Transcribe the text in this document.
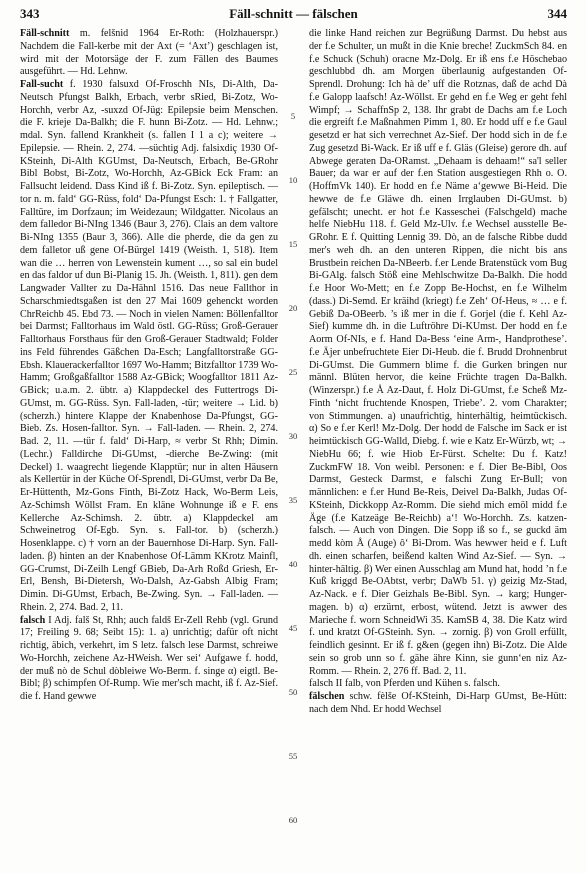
343	Fäll-schnitt — fälschen	344

Fäll-schnitt m. felšnid 1964 Er-Roth: (Holzhauerspr.) Nachdem die Fall-kerbe mit der Axt (= ‘Axt’) geschlagen ist, wird mit der Motorsäge der F. zum Fällen des Baumes ausgeführt. — Hd. Lehnw.

Fall-sucht f. 1930 falsuxd Of-Froschh NIs, Di-Alth, Da-Neutsch Pfungst Balkh, Erbach, verbr sRied, Bi-Zotz, Wo-Horchh, verbr Az, -suxzd Of-Jüg: Epilepsie beim Menschen. die F. krieje Da-Balkh; die F. hunn Bi-Zotz. — Hd. Lehnw.; mdal. Syn. fallend Krankheit (s. fallen I 1 a c); weitere → Epilepsie. — Rhein. 2, 274. —süchtig Adj. falsixdiç 1930 Of-KSteinh, Di-Alth KGUmst, Da-Neutsch, Erbach, Be-GRohr Bibl Bobst, Bi-Zotz, Wo-Horchh, Az-GBick Eck Fram: an Fallsucht leidend. Dass Kind iß f. Bi-Zotz. Syn. epileptisch. —tor n. m. fald‘ GG-Rüss, fold‘ Da-Pfungst Esch: 1. † Fallgatter, Falltüre, im Dorfzaun; im Weidezaun; Wildgatter. Nicolaus an dem falledor Bi-NIng 1346 (Baur 3, 276). Clais an dem valtore Bi-NIng 1355 (Baur 3, 366). Alle die pherde, die da gen zu dem falletor uß gene Of-Bürgel 1419 (Weisth. 1, 518). Item wan die … herren von Lewenstein kument …, so sal ein budel en das faldor uf dun Bi-Planig 15. Jh. (Weisth. 1, 811). gen dem Langwader Vallter zu Da-Hähnl 1516. Das neue Fallthor in Scharschmiedtsgaßen ist den 27 Mai 1609 gehenckt worden ChrReichb 45. Ebd 73. — Noch in vielen Namen: Böllenfalltor bei Darmst; Falltorhaus im Wald östl. GG-Rüss; Groß-Gerauer Falltorhaus Forsthaus für den Groß-Gerauer Stadtwald; Folder ins Feld führendes Gäßchen Da-Esch; Langfalltorstraße GG-Ebsh. Klauerackerfalltor 1697 Wo-Hamm; Bitzfalltor 1739 Wo-Hamm; Großgaßfalltor 1588 Az-GBick; Woogfalltor 1811 Az-GBick; u.a.m. 2. übtr. a) Klappdeckel des Futtertrogs Di-GUmst, m. GG-Rüss. Syn. Fall-laden, -tür; weitere → Lid. b) (scherzh.) hintere Klappe der Knabenhose Da-Pfungst, GG-Bieb. Zs. Hosen-falltor. Syn. → Fall-laden. — Rhein. 2, 274. Bad. 2, 11. —tür f. fald‘ Di-Harp, ≈ verbr St Rhh; Dimin. (Lechr.) Falldirche Di-GUmst, -dierche Be-Zwing: (mit Deckel) 1. waagrecht liegende Klapptür; nur in alten Häusern als Kellertür in der Küche Of-Sprendl, Di-GUmst, verbr Da Be, Er-Hüttenth, Mz-Gons Finth, Bi-Zotz Hack, Wo-Berm Leis, Az-Schimsh Wöllst Fram. En kläne Wohnunge iß e F. ens Kellerche Az-Schimsh. 2. übtr. a) Klappdeckel am Schweinetrog Of-Egb. Syn. s. Fall-tor. b) (scherzh.) Hosenklappe. c) † vorn an der Bauernhose Di-Harp. Syn. Fall-laden. β) hinten an der Knabenhose Of-Lämm KKrotz Mainfl, GG-Crumst, Di-Zeilh Lengf GBieb, Da-Arh Roßd Griesh, Er-Erl, Bensh, Bi-Dietersh, Wo-Dalsh, Az-Gabsh Albig Fram; Dimin. Di-GUmst, Erbach, Be-Zwing. Syn. → Fall-laden. — Rhein. 2, 274. Bad. 2, 11.

falsch I Adj. falš St, Rhh; auch faldš Er-Zell Rehb (vgl. Grund 17; Freiling 9. 68; Seibt 15): 1. a) unrichtig; dafür oft nicht richtig, äbich, verkehrt, im S letz. falsch lese Darmst, schreiwe Wo-Horchh, zeichene Az-HWeish. Wer sei‘ Aufgawe f. hodd, der muß nò de Schul dòbleiwe Wo-Berm. f. singe α) eigtl. Be-Bibl; β) schimpfen Of-Rump. Wie mer'sch macht, iß f. Az-Sief. die f. Hand gewwe

5
10
15
20
25
30
35
40
45
50
55
60

die linke Hand reichen zur Begrüßung Darmst. Du hebst aus der f.e Schulter, un mußt in die Knie breche! ZuckmSch 84. en f.e Schuck (Schuh) oracne Mz-Dolg. Er iß ens f.e Höschebao geschlubbd dh. am Morgen überlaunig aufgestanden Of-Sprendl. Drohung: Ich hà de’ uff die Rotznas, daß de achd Dà f.e Galopp laafsch! Az-Wöllst. Er gehd en f.e Weg er geht fehl Wimpf; → SchaffnSp 2, 138. Ihr grabt de Dachs am f.e Loch die ergreift f.e Maßnahmen Pimm 1, 80. Er hodd uff e f.e Gaul gesetzd er hat sich verrechnet Az-Sief. Der hodd sich in de f.e Zug gesetzd Bi-Wack. Er iß uff e f. Gläs (Gleise) gerore dh. auf Abwege geraten Da-ORamst. „Dehaam is dehaam!“ sa'l seller Bauer; da war er auf der f.en Station ausgestiegen Rhh o. O. (HoffmVk 140). Er hodd en f.e Näme a‘gewwe Bi-Heid. Die hewwe de f.e Gläwe dh. einen Irrglauben Di-GUmst. b) gefälscht; unecht. er hot f.e Kasseschei (Falschgeld) mache helfe NiebHu 118. f. Geld Mz-Ulv. f.e Wechsel ausstelle Be-GRohr. E f. Quitting Lennig 39. Dò, an de falsche Ribbe dudd mer's weh dh. an den unteren Rippen, die nicht bis ans Brustbein reichen Da-NBeerb. f.er Lende Bratenstück vom Bug Bi-GAlg. falsch Stöß eine Mehlschwitze Da-Balkh. Die hodd f.e Hoor Wo-Mett; en f.e Zopp Be-Hochst, en f.e Wilhelm (dass.) Di-Semd. Er kräihd (kriegt) f.e Zeh‘ Of-Heus, ≈ … e f. Gebiß Da-OBeerb. ’s iß mer in die f. Gorjel (die f. Kehl Az-Sief) kumme dh. in die Luftröhre Di-KUmst. Der hodd en f.e Aorm Of-NIs, e f. Hand Da-Bess ‘eine Arm-, Handprothese’. f.e Äjer unbefruchtete Eier Di-Heub. die f. Brudd Drohnenbrut Di-GUmst. Die Gummern blime f. die Gurken bringen nur männl. Blüten hervor, die keine Früchte tragen Da-Balkh. (Winzerspr.) f.e Å Az-Daut, f. Holz Di-GUmst, f.e Scheß Mz-Finth ‘nicht fruchtende Knospen, Triebe’. 2. vom Charakter; von Stimmungen. a) unaufrichtig, hinterhältig, heimtückisch. α) So e f.er Kerl! Mz-Dolg. Der hodd de Falsche im Sack er ist heimtückisch GG-Walld, Diebg. f. wie e Katz Er-Würzb, wt; → NiebHu 66; f. wie Hiob Er-Fürst. Schelte: Du f. Katz! ZuckmFW 18. Von weibl. Personen: e f. Dier Be-Bibl, Oos Darmst, Gesteck Darmst, e falschi Zung Er-Bull; von männlichen: e f.er Hund Be-Reis, Deivel Da-Balkh, Judas Of-KSteinh, Dickkopp Az-Romm. Die siehd mich emöl midd f.e Äge (f.e Katzeäge Be-Reichb) a‘! Wo-Horchh. Zs. katzen-falsch. — Auch von Dingen. Die Sopp iß so f., se guckd äm medd kòm Å (Auge) ô‘ Bi-Drom. Was hewwer heid e f. Luft dh. einen scharfen, beißend kalten Wind Az-Sief. — Syn. → hinter-hältig. β) Wer einen Ausschlag am Mund hat, hodd ’n f.e Kuß kriggd Be-OAbtst, verbr; DaWb 51. γ) geizig Mz-Stad, Az-Nack. e f. Dier Geizhals Be-Bibl. Syn. → karg; Hunger-magen. b) α) erzürnt, erbost, wütend. Jetzt is awwer des Marieche f. worn SchneidWi 35. KamSB 4, 38. Die Katz wird f. und kratzt Of-GSteinh. Syn. → zornig. β) von Groll erfüllt, feindlich gesinnt. Er iß f. g&en (gegen ihn) Bi-Zotz. Die Alde sein so grob unn so f. gähe ähre Kinn, sie gunn‘en niz Az-Romm. — Rhein. 2, 276 ff. Bad. 2, 11.

falsch II falb, von Pferden und Kühen s. falsch.

fälschen schw. fèlše Of-KSteinh, Di-Harp GUmst, Be-Hütt: nach dem Nhd. Er hodd Wechsel
